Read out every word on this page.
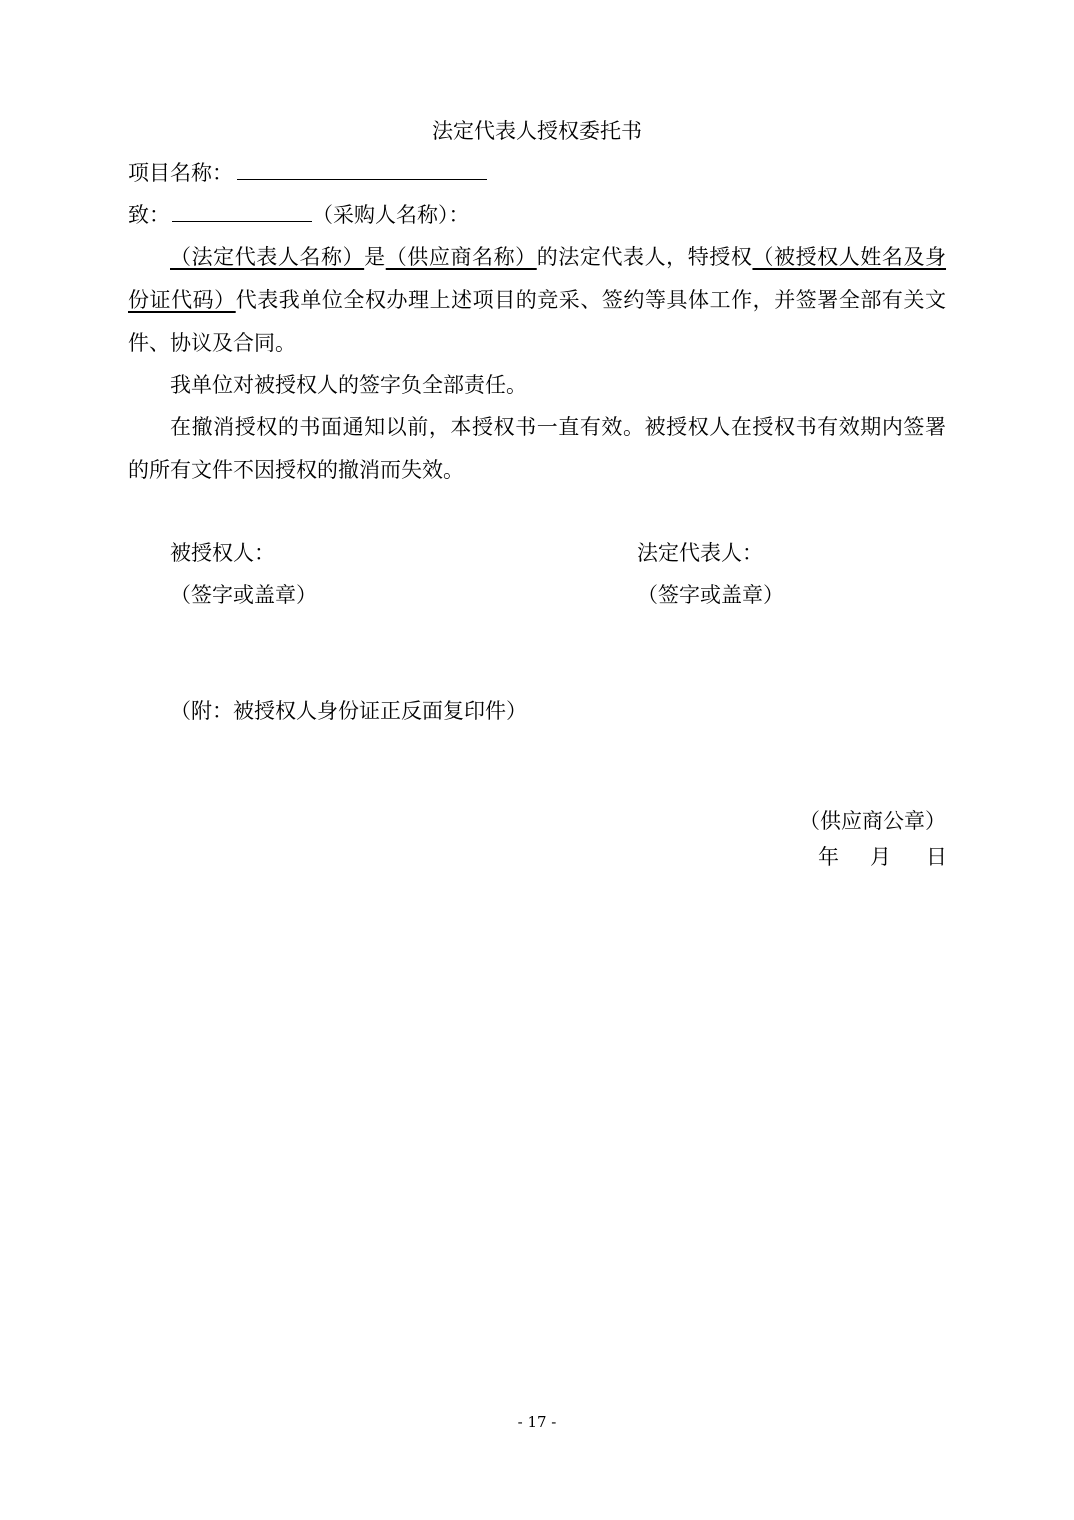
法定代表人授权委托书
项目名称：
致：	（采购人名称）：
（法定代表人名称）是（供应商名称）的法定代表人，特授权（被授权人姓名及身份证代码）代表我单位全权办理上述项目的竞采、签约等具体工作，并签署全部有关文件、协议及合同。
我单位对被授权人的签字负全部责任。
在撤消授权的书面通知以前，本授权书一直有效。被授权人在授权书有效期内签署的所有文件不因授权的撤消而失效。
被授权人：	法定代表人：
（签字或盖章）	（签字或盖章）
（附：被授权人身份证正反面复印件）
（供应商公章）
年 月 日
- 17 -
